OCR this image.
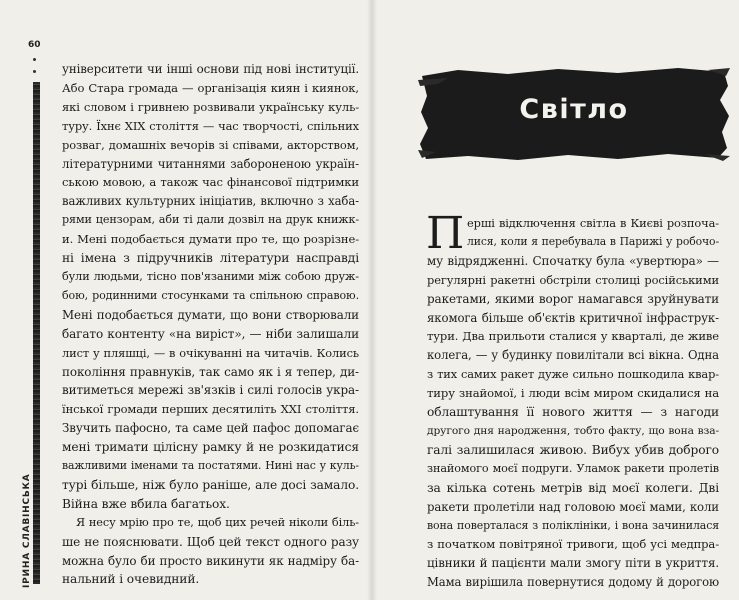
60
ІРИНА СЛАВІНСЬКА
університети чи інші основи під нові інституції.
Або Стара громада — організація киян і киянок,
які словом і гривнею розвивали українську куль-
туру. Їхнє XIX століття — час творчості, спільних
розваг, домашніх вечорів зі співами, акторством,
літературними читаннями забороненою україн-
ською мовою, а також час фінансової підтримки
важливих культурних ініціатив, включно з хаба-
рями цензорам, аби ті дали дозвіл на друк книжк-
и. Мені подобається думати про те, що розрізне-
ні імена з підручників літератури насправді
були людьми, тісно пов'язаними між собою друж-
бою, родинними стосунками та спільною справою.
Мені подобається думати, що вони створювали
багато контенту «на виріст», — ніби залишали
лист у пляшці, — в очікуванні на читачів. Колись
покоління правнуків, так само як і я тепер, ди-
витиметься мережі зв'язків і силі голосів укра-
їнської громади перших десятиліть XXI століття.
Звучить пафосно, та саме цей пафос допомагає
мені тримати цілісну рамку й не розкидатися
важливими іменами та постатями. Нині нас у куль-
турі більше, ніж було раніше, але досі замало.
Війна вже вбила багатьох.
Я несу мрію про те, щоб цих речей ніколи біль-
ше не пояснювати. Щоб цей текст одного разу
можна було би просто викинути як надміру ба-
нальний і очевидний.
Світло
П ерші відключення світла в Києві розпоча-
лися, коли я перебувала в Парижі у робочо-
му відрядженні. Спочатку була «увертюра» —
регулярні ракетні обстріли столиці російськими
ракетами, якими ворог намагався зруйнувати
якомога більше об'єктів критичної інфраструк-
тури. Два прильоти сталися у кварталі, де живе
колега, — у будинку повилітали всі вікна. Одна
з тих самих ракет дуже сильно пошкодила квар-
тиру знайомої, і люди всім миром скидалися на
облаштування її нового життя — з нагоди
другого дня народження, тобто факту, що вона вза-
галі залишилася живою. Вибух убив доброго
знайомого моєї подруги. Уламок ракети пролетів
за кілька сотень метрів від моєї колеги. Дві
ракети пролетіли над головою моєї мами, коли
вона поверталася з поліклініки, і вона зачинилася
з початком повітряної тривоги, щоб усі медпра-
цівники й пацієнти мали змогу піти в укриття.
Мама вирішила повернутися додому й дорогою
